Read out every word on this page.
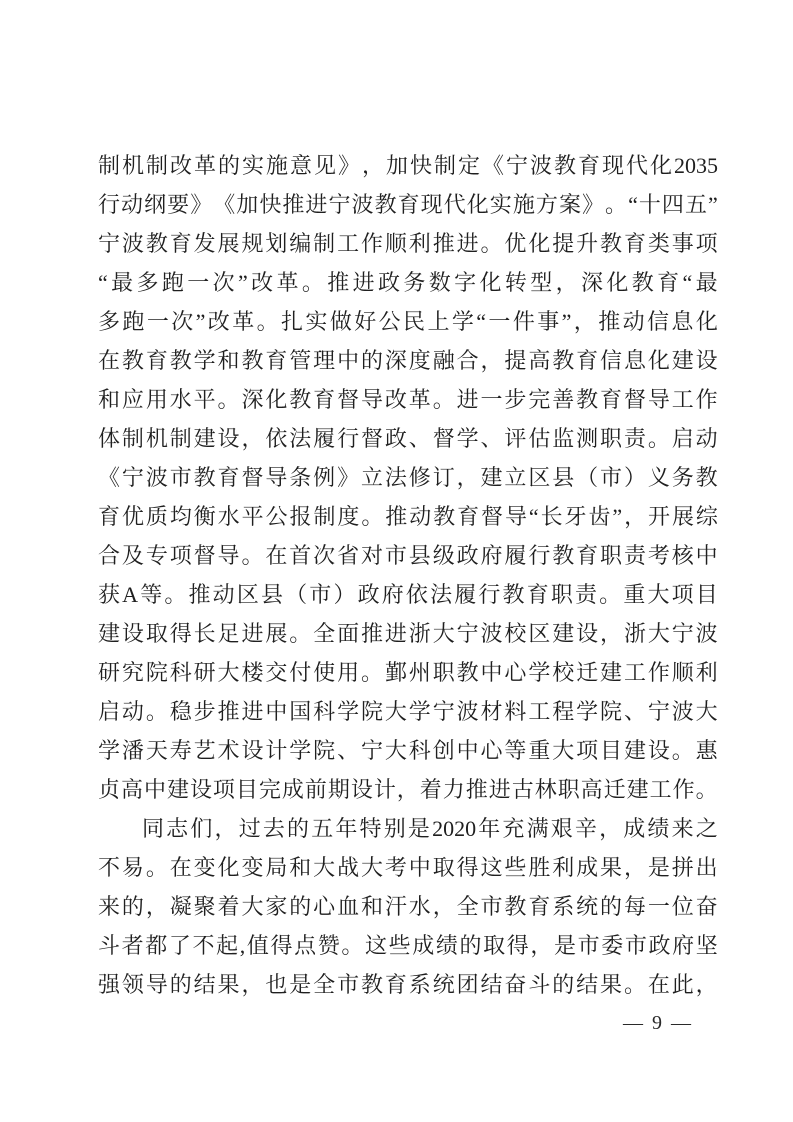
制 机 制 改 革 的 实 施 意 见 》 ， 加 快 制 定 《 宁 波 教 育 现 代 化 2035
行 动 纲 要 》 《 加 快 推 进 宁 波 教 育 现 代 化 实 施 方 案 》 。 “ 十 四 五 ”
宁 波 教 育 发 展 规 划 编 制 工 作 顺 利 推 进 。 优 化 提 升 教 育 类 事 项
“ 最 多 跑 一 次 ” 改 革 。 推 进 政 务 数 字 化 转 型 ， 深 化 教 育 “ 最
多 跑 一 次 ” 改 革 。 扎 实 做 好 公 民 上 学 “ 一 件 事 ” ， 推 动 信 息 化
在 教 育 教 学 和 教 育 管 理 中 的 深 度 融 合 ， 提 高 教 育 信 息 化 建 设
和 应 用 水 平 。 深 化 教 育 督 导 改 革 。 进 一 步 完 善 教 育 督 导 工 作
体 制 机 制 建 设 ， 依 法 履 行 督 政 、 督 学 、 评 估 监 测 职 责 。 启 动
《 宁 波 市 教 育 督 导 条 例 》 立 法 修 订 ， 建 立 区 县 （ 市 ） 义 务 教
育 优 质 均 衡 水 平 公 报 制 度 。 推 动 教 育 督 导 “ 长 牙 齿 ” ， 开 展 综
合 及 专 项 督 导 。 在 首 次 省 对 市 县 级 政 府 履 行 教 育 职 责 考 核 中
获 A 等 。 推 动 区 县 （ 市 ） 政 府 依 法 履 行 教 育 职 责 。 重 大 项 目
建 设 取 得 长 足 进 展 。 全 面 推 进 浙 大 宁 波 校 区 建 设 ， 浙 大 宁 波
研 究 院 科 研 大 楼 交 付 使 用 。 鄞 州 职 教 中 心 学 校 迁 建 工 作 顺 利
启 动 。 稳 步 推 进 中 国 科 学 院 大 学 宁 波 材 料 工 程 学 院 、 宁 波 大
学 潘 天 寿 艺 术 设 计 学 院 、 宁 大 科 创 中 心 等 重 大 项 目 建 设 。 惠
贞 高 中 建 设 项 目 完 成 前 期 设 计 ， 着 力 推 进 古 林 职 高 迁 建 工 作 。
同 志 们 ， 过 去 的 五 年 特 别 是 2020 年 充 满 艰 辛 ， 成 绩 来 之
不 易 。 在 变 化 变 局 和 大 战 大 考 中 取 得 这 些 胜 利 成 果 ， 是 拼 出
来 的 ， 凝 聚 着 大 家 的 心 血 和 汗 水 ， 全 市 教 育 系 统 的 每 一 位 奋
斗 者 都 了 不 起 , 值 得 点 赞 。 这 些 成 绩 的 取 得 ， 是 市 委 市 政 府 坚
强 领 导 的 结 果 ， 也 是 全 市 教 育 系 统 团 结 奋 斗 的 结 果 。 在 此 ，
— 9 —
